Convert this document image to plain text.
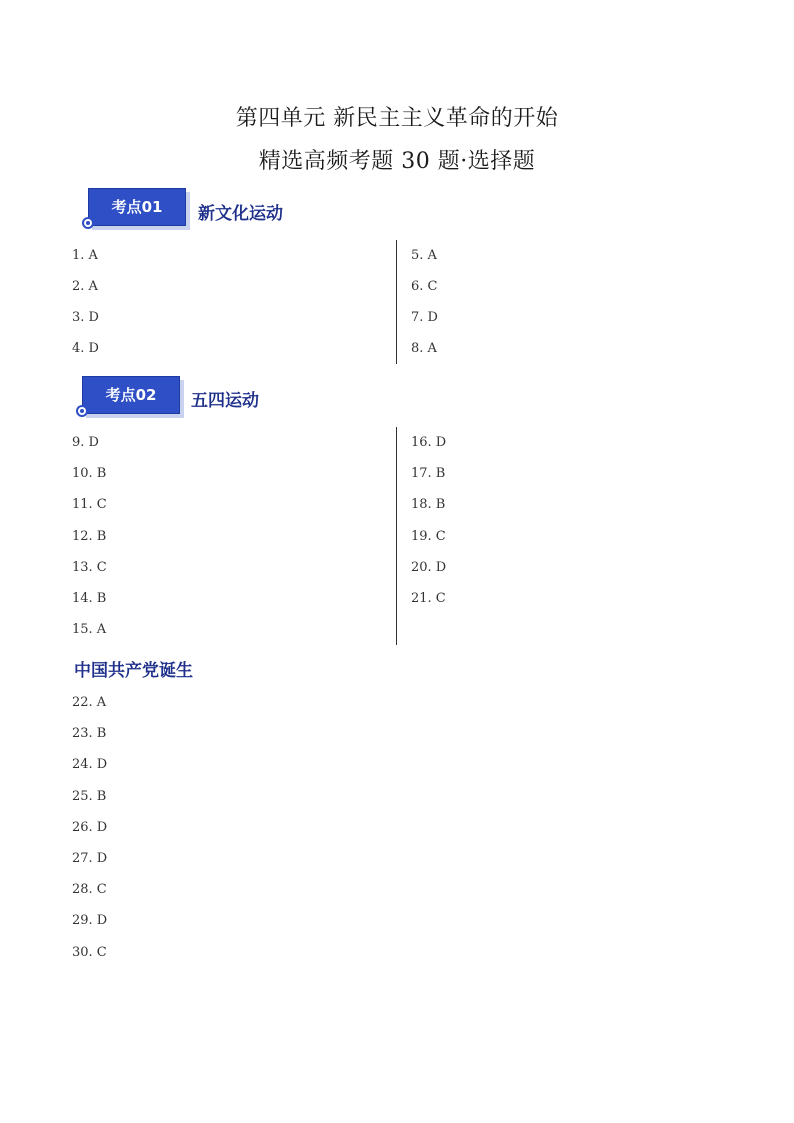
第四单元 新民主主义革命的开始
精选高频考题 30 题·选择题
考点01	新文化运动
1. A
2. A
3. D
4. D
5. A
6. C
7. D
8. A
考点02	五四运动
9. D
10. B
11. C
12. B
13. C
14. B
15. A
16. D
17. B
18. B
19. C
20. D
21. C
中国共产党诞生
22. A
23. B
24. D
25. B
26. D
27. D
28. C
29. D
30. C
